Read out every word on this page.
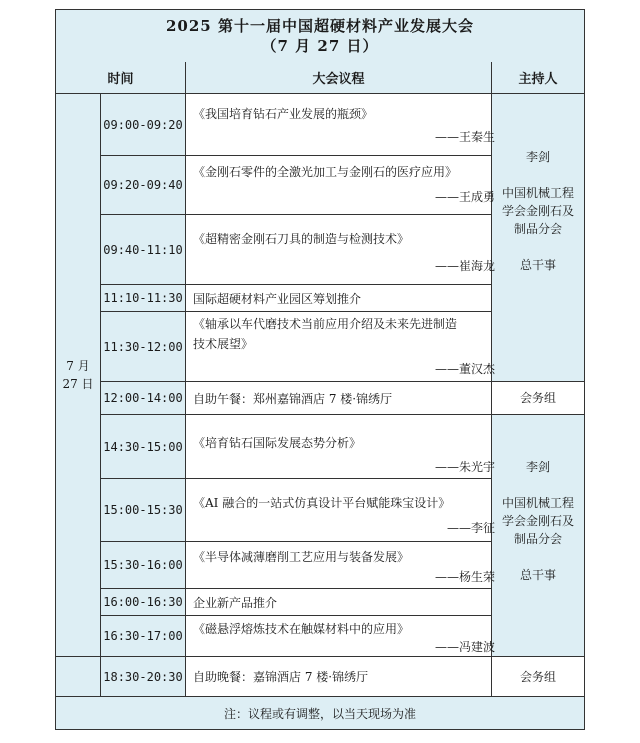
2025 第十一届中国超硬材料产业发展大会
（7 月 27 日）
时间	大会议程	主持人
7 月
27 日
09:00-09:20
《我国培育钻石产业发展的瓶颈》
——王秦生
09:20-09:40
《金刚石零件的全激光加工与金刚石的医疗应用》
——王成勇
09:40-11:10
《超精密金刚石刀具的制造与检测技术》
——崔海龙
11:10-11:30 国际超硬材料产业园区筹划推介
11:30-12:00
《轴承以车代磨技术当前应用介绍及未来先进制造
技术展望》
——董汉杰
12:00-14:00 自助午餐：郑州嘉锦酒店 7 楼·锦绣厅
14:30-15:00 《培育钻石国际发展态势分析》
——朱光宇
15:00-15:30 《AI 融合的一站式仿真设计平台赋能珠宝设计》
——李征
15:30-16:00
《半导体减薄磨削工艺应用与装备发展》
——杨生荣
16:00-16:30 企业新产品推介
16:30-17:00 《磁悬浮熔炼技术在触媒材料中的应用》
——冯建波
18:30-20:30 自助晚餐：嘉锦酒店 7 楼·锦绣厅
李剑
中国机械工程
学会金刚石及
制品分会
总干事
会务组
李剑
中国机械工程
学会金刚石及
制品分会
总干事
会务组
注：议程或有调整，以当天现场为准
